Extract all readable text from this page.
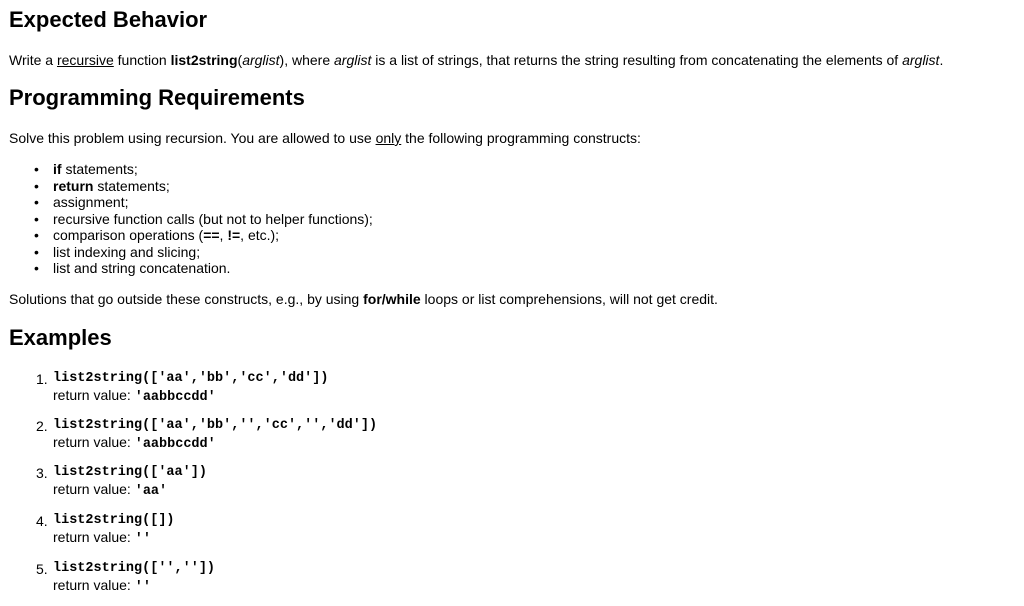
Expected Behavior

Write a recursive function list2string(arglist), where arglist is a list of strings, that returns the string resulting from concatenating the elements of arglist.

Programming Requirements

Solve this problem using recursion. You are allowed to use only the following programming constructs:

• if statements;
• return statements;
• assignment;
• recursive function calls (but not to helper functions);
• comparison operations (==, !=, etc.);
• list indexing and slicing;
• list and string concatenation.

Solutions that go outside these constructs, e.g., by using for/while loops or list comprehensions, will not get credit.

Examples
1. list2string(['aa','bb','cc','dd'])
return value: 'aabbccdd'
2. list2string(['aa','bb','','cc','','dd'])
return value: 'aabbccdd'
3. list2string(['aa'])
return value: 'aa'
4. list2string([])
return value: ''
5. list2string(['',''])
return value: ''
